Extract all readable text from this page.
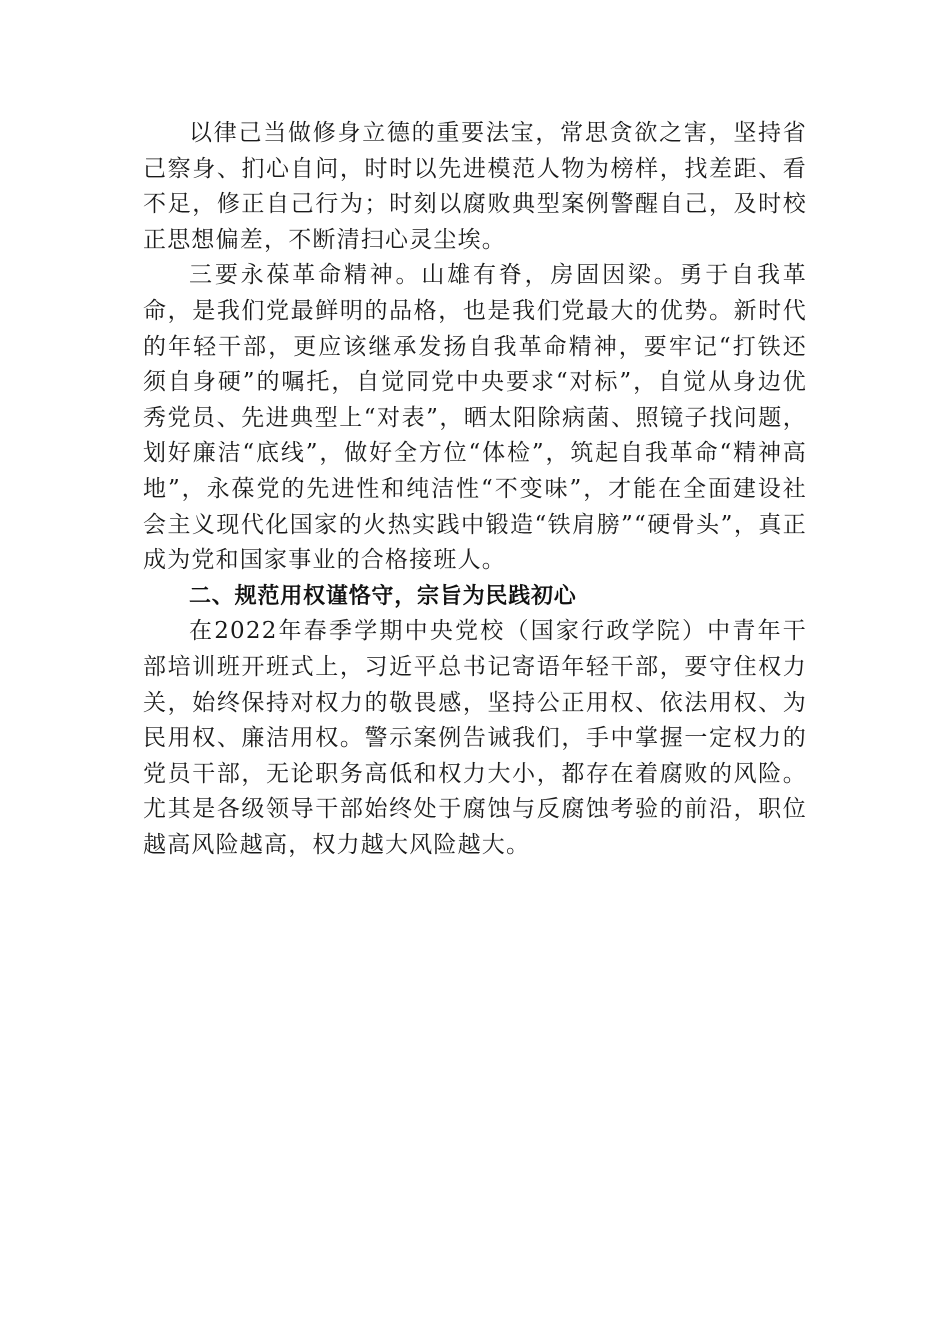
以律己当做修身立德的重要法宝，常思贪欲之害，坚持省己察身、扪心自问，时时以先进模范人物为榜样，找差距、看不足，修正自己行为；时刻以腐败典型案例警醒自己，及时校正思想偏差，不断清扫心灵尘埃。

三要永葆革命精神。山雄有脊，房固因梁。勇于自我革命，是我们党最鲜明的品格，也是我们党最大的优势。新时代的年轻干部，更应该继承发扬自我革命精神，要牢记“打铁还须自身硬”的嘱托，自觉同党中央要求“对标”，自觉从身边优秀党员、先进典型上“对表”，晒太阳除病菌、照镜子找问题，划好廉洁“底线”，做好全方位“体检”，筑起自我革命“精神高地”，永葆党的先进性和纯洁性“不变味”，才能在全面建设社会主义现代化国家的火热实践中锻造“铁肩膀”“硬骨头”，真正成为党和国家事业的合格接班人。

二、规范用权谨恪守，宗旨为民践初心

在2022年春季学期中央党校（国家行政学院）中青年干部培训班开班式上，习近平总书记寄语年轻干部，要守住权力关，始终保持对权力的敬畏感，坚持公正用权、依法用权、为民用权、廉洁用权。警示案例告诫我们，手中掌握一定权力的党员干部，无论职务高低和权力大小，都存在着腐败的风险。尤其是各级领导干部始终处于腐蚀与反腐蚀考验的前沿，职位越高风险越高，权力越大风险越大。
